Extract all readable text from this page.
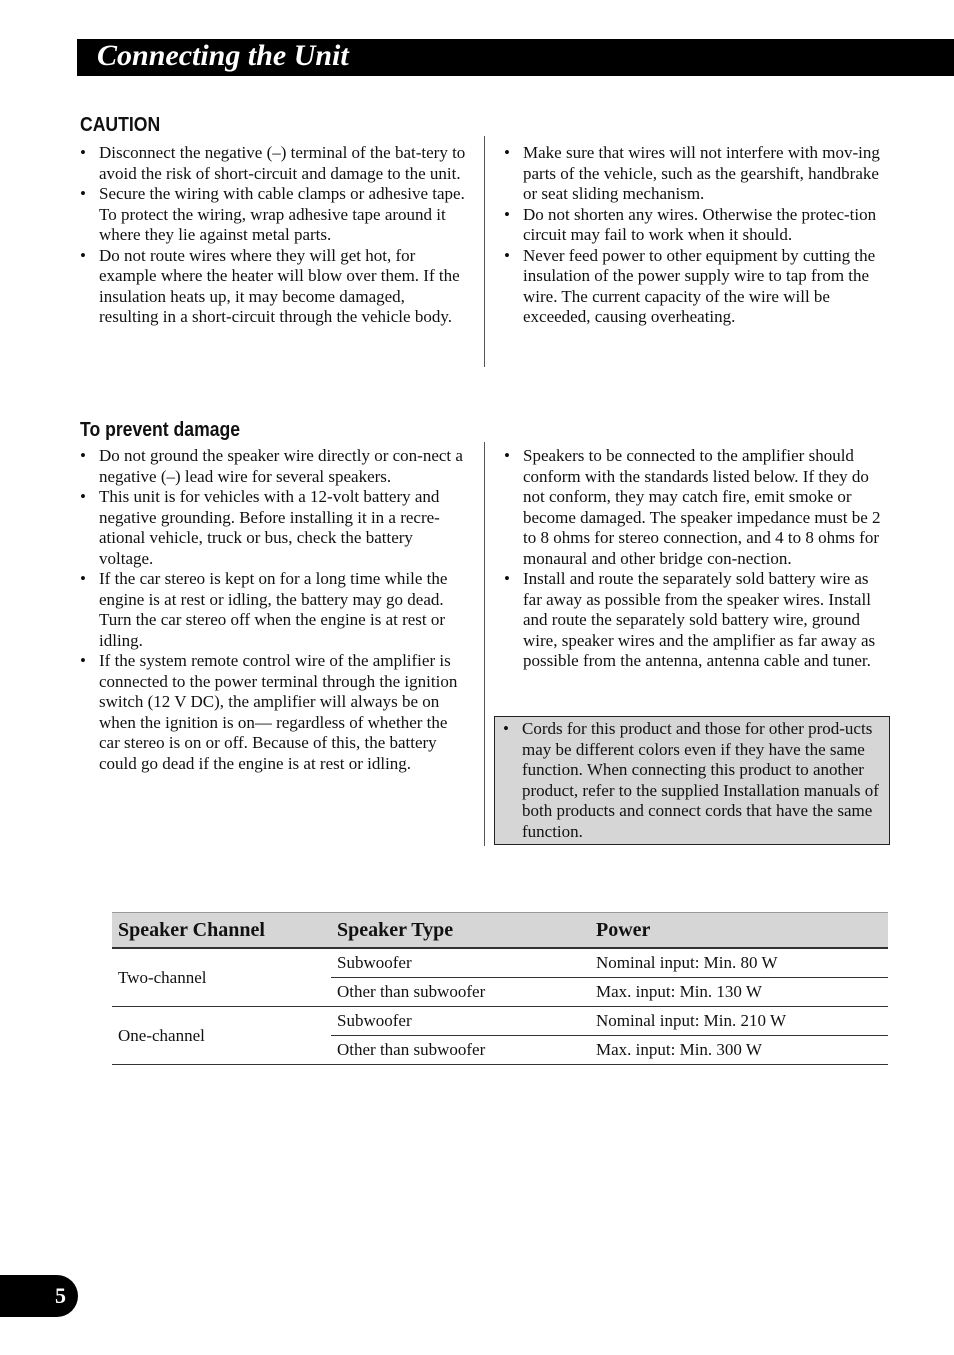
Connecting the Unit
CAUTION
• Disconnect the negative (–) terminal of the bat-tery to avoid the risk of short-circuit and damage to the unit.
• Secure the wiring with cable clamps or adhesive tape. To protect the wiring, wrap adhesive tape around it where they lie against metal parts.
• Do not route wires where they will get hot, for example where the heater will blow over them. If the insulation heats up, it may become damaged, resulting in a short-circuit through the vehicle body.
• Make sure that wires will not interfere with mov-ing parts of the vehicle, such as the gearshift, handbrake or seat sliding mechanism.
• Do not shorten any wires. Otherwise the protec-tion circuit may fail to work when it should.
• Never feed power to other equipment by cutting the insulation of the power supply wire to tap from the wire. The current capacity of the wire will be exceeded, causing overheating.
To prevent damage
• Do not ground the speaker wire directly or con-nect a negative (–) lead wire for several speakers.
• This unit is for vehicles with a 12-volt battery and negative grounding. Before installing it in a recre-ational vehicle, truck or bus, check the battery voltage.
• If the car stereo is kept on for a long time while the engine is at rest or idling, the battery may go dead. Turn the car stereo off when the engine is at rest or idling.
• If the system remote control wire of the amplifier is connected to the power terminal through the ignition switch (12 V DC), the amplifier will always be on when the ignition is on— regardless of whether the car stereo is on or off. Because of this, the battery could go dead if the engine is at rest or idling.
• Speakers to be connected to the amplifier should conform with the standards listed below. If they do not conform, they may catch fire, emit smoke or become damaged. The speaker impedance must be 2 to 8 ohms for stereo connection, and 4 to 8 ohms for monaural and other bridge con-nection.
• Install and route the separately sold battery wire as far away as possible from the speaker wires. Install and route the separately sold battery wire, ground wire, speaker wires and the amplifier as far away as possible from the antenna, antenna cable and tuner.
• Cords for this product and those for other prod-ucts may be different colors even if they have the same function. When connecting this product to another product, refer to the supplied Installation manuals of both products and connect cords that have the same function.
Speaker Channel	Speaker Type	Power
Two-channel	Subwoofer	Nominal input: Min. 80 W
	Other than subwoofer	Max. input: Min. 130 W
One-channel	Subwoofer	Nominal input: Min. 210 W
	Other than subwoofer	Max. input: Min. 300 W
5
